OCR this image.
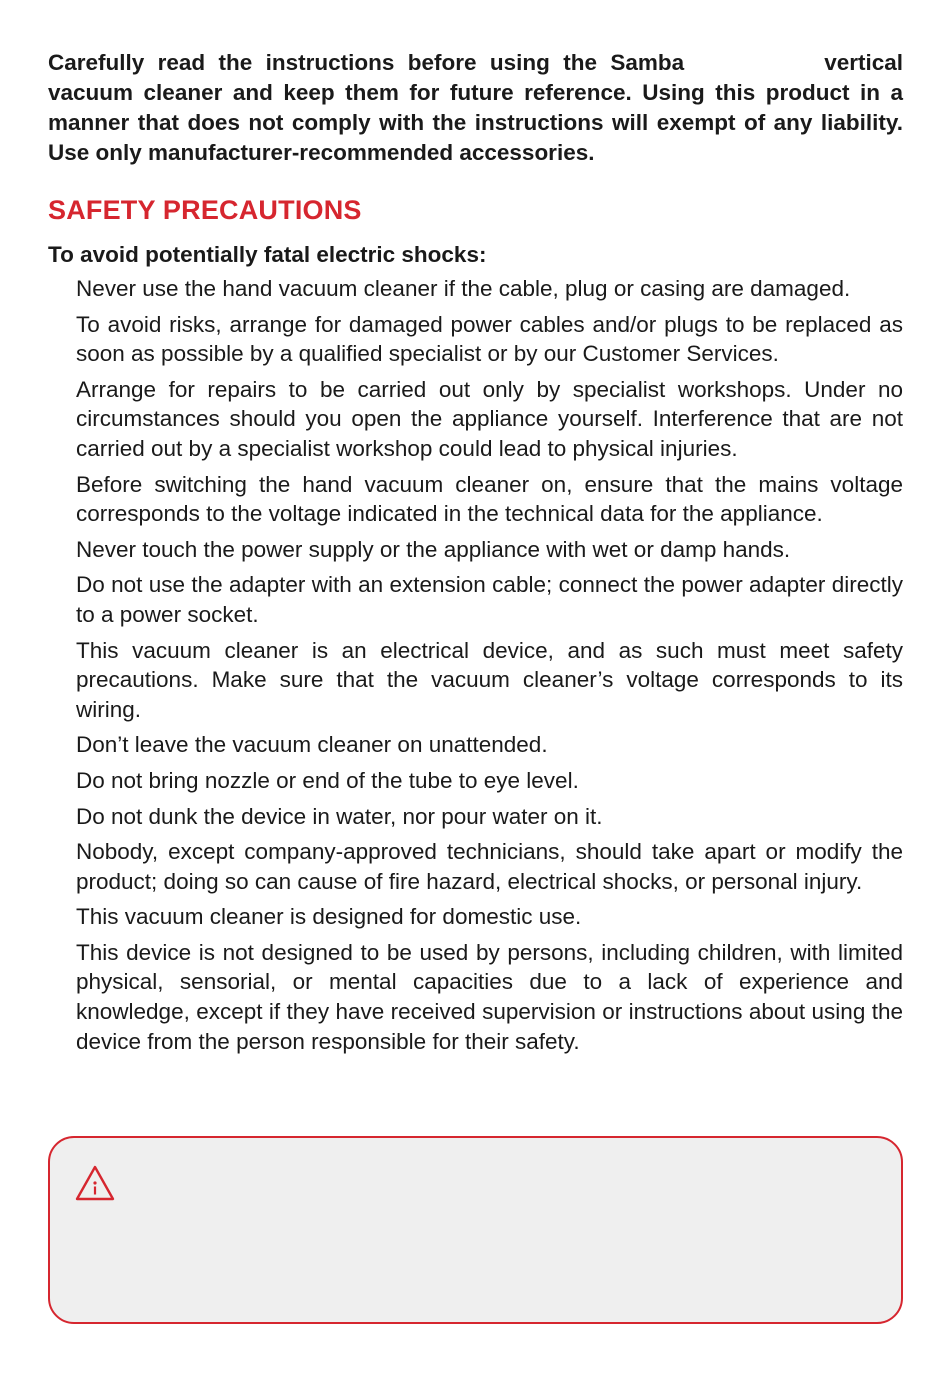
Carefully read the instructions before using the Samba	vertical vacuum cleaner and keep them for future reference. Using this product in a manner that does not comply with the instructions will exempt of any liability. Use only manufacturer-recommended accessories.

SAFETY PRECAUTIONS
To avoid potentially fatal electric shocks:
Never use the hand vacuum cleaner if the cable, plug or casing are damaged.
To avoid risks, arrange for damaged power cables and/or plugs to be replaced as soon as possible by a qualified specialist or by our Customer Services.
Arrange for repairs to be carried out only by specialist workshops. Under no circumstances should you open the appliance yourself. Interference that are not carried out by a specialist workshop could lead to physical injuries.
Before switching the hand vacuum cleaner on, ensure that the mains voltage corresponds to the voltage indicated in the technical data for the appliance.
Never touch the power supply or the appliance with wet or damp hands.
Do not use the adapter with an extension cable; connect the power adapter directly to a power socket.
This vacuum cleaner is an electrical device, and as such must meet safety precautions. Make sure that the vacuum cleaner’s voltage corresponds to its wiring.
Don’t leave the vacuum cleaner on unattended.
Do not bring nozzle or end of the tube to eye level.
Do not dunk the device in water, nor pour water on it.
Nobody, except company-approved technicians, should take apart or modify the product; doing so can cause of fire hazard, electrical shocks, or personal injury.
This vacuum cleaner is designed for domestic use.
This device is not designed to be used by persons, including children, with limited physical, sensorial, or mental capacities due to a lack of experience and knowledge, except if they have received supervision or instructions about using the device from the person responsible for their safety.
